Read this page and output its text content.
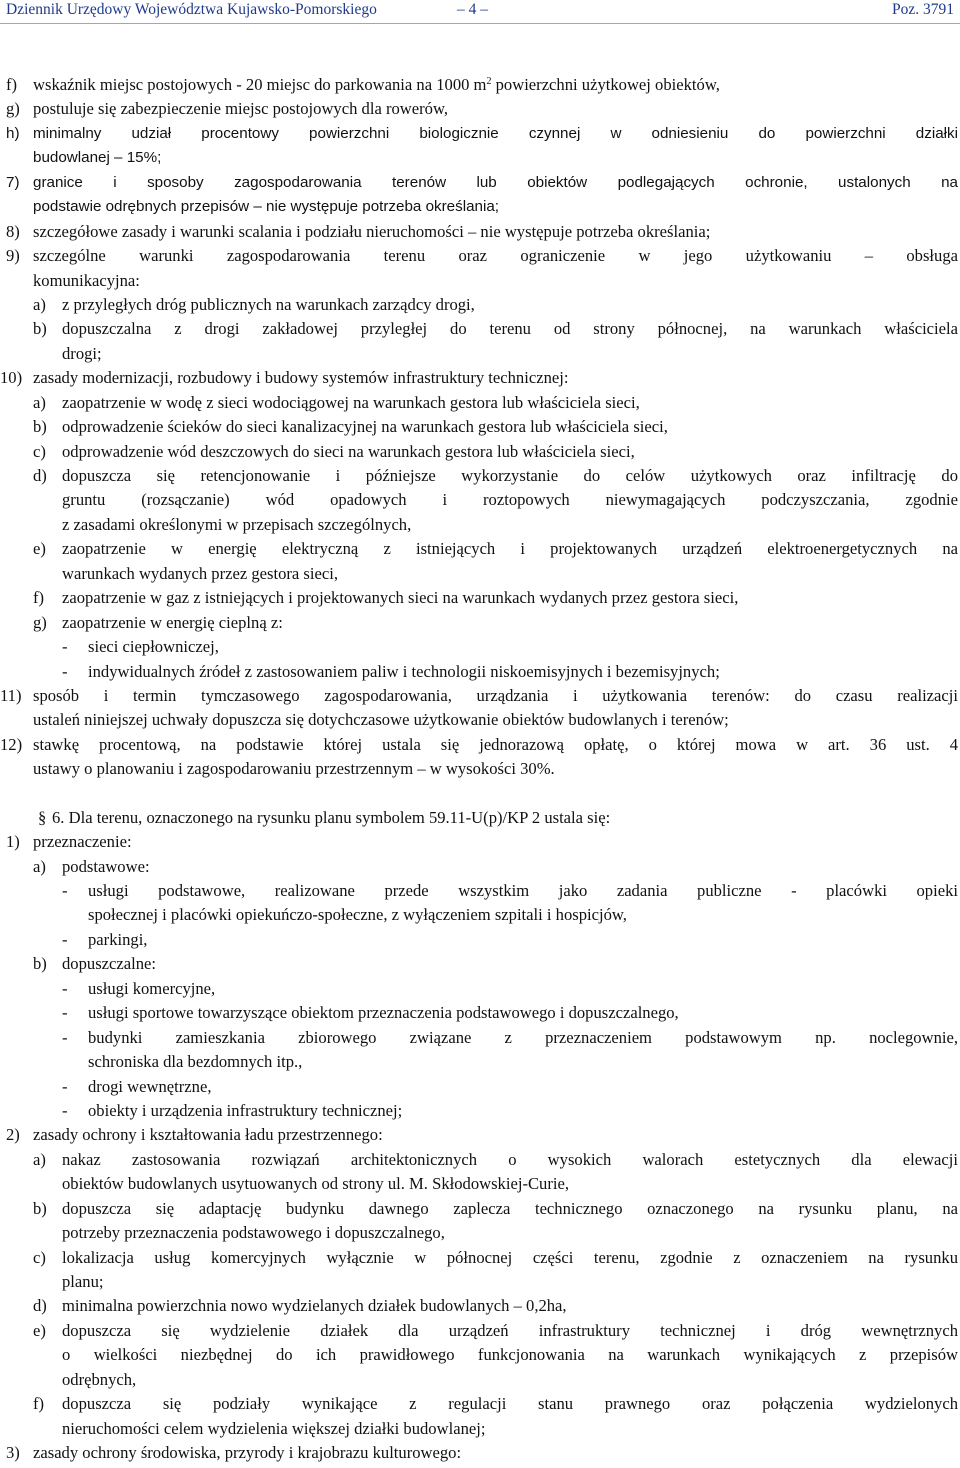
Dziennik Urzędowy Województwa Kujawsko-Pomorskiego	– 4 –	Poz. 3791
f) wskaźnik miejsc postojowych - 20 miejsc do parkowania na 1000 $m^2$ powierzchni użytkowej obiektów,
g) postuluje się zabezpieczenie miejsc postojowych dla rowerów,
h) minimalny udział procentowy powierzchni biologicznie czynnej w odniesieniu do powierzchni działki
budowlanej – 15%;
7) granice i sposoby zagospodarowania terenów lub obiektów podlegających ochronie, ustalonych na
podstawie odrębnych przepisów – nie występuje potrzeba określania;
8) szczegółowe zasady i warunki scalania i podziału nieruchomości – nie występuje potrzeba określania;
9) szczególne warunki zagospodarowania terenu oraz ograniczenie w jego użytkowaniu – obsługa
komunikacyjna:
a) z przyległych dróg publicznych na warunkach zarządcy drogi,
b) dopuszczalna z drogi zakładowej przyległej do terenu od strony północnej, na warunkach właściciela
drogi;
10) zasady modernizacji, rozbudowy i budowy systemów infrastruktury technicznej:
a) zaopatrzenie w wodę z sieci wodociągowej na warunkach gestora lub właściciela sieci,
b) odprowadzenie ścieków do sieci kanalizacyjnej na warunkach gestora lub właściciela sieci,
c) odprowadzenie wód deszczowych do sieci na warunkach gestora lub właściciela sieci,
d) dopuszcza się retencjonowanie i późniejsze wykorzystanie do celów użytkowych oraz infiltrację do
gruntu (rozsączanie) wód opadowych i roztopowych niewymagających podczyszczania, zgodnie
z zasadami określonymi w przepisach szczególnych,
e) zaopatrzenie w energię elektryczną z istniejących i projektowanych urządzeń elektroenergetycznych na
warunkach wydanych przez gestora sieci,
f) zaopatrzenie w gaz z istniejących i projektowanych sieci na warunkach wydanych przez gestora sieci,
g) zaopatrzenie w energię cieplną z:
- sieci ciepłowniczej,
- indywidualnych źródeł z zastosowaniem paliw i technologii niskoemisyjnych i bezemisyjnych;
11) sposób i termin tymczasowego zagospodarowania, urządzania i użytkowania terenów: do czasu realizacji
ustaleń niniejszej uchwały dopuszcza się dotychczasowe użytkowanie obiektów budowlanych i terenów;
12) stawkę procentową, na podstawie której ustala się jednorazową opłatę, o której mowa w art. 36 ust. 4
ustawy o planowaniu i zagospodarowaniu przestrzennym – w wysokości 30%.
§ 6. Dla terenu, oznaczonego na rysunku planu symbolem 59.11-U(p)/KP 2 ustala się:
1) przeznaczenie:
a) podstawowe:
- usługi podstawowe, realizowane przede wszystkim jako zadania publiczne - placówki opieki
społecznej i placówki opiekuńczo-społeczne, z wyłączeniem szpitali i hospicjów,
- parkingi,
b) dopuszczalne:
- usługi komercyjne,
- usługi sportowe towarzyszące obiektom przeznaczenia podstawowego i dopuszczalnego,
- budynki zamieszkania zbiorowego związane z przeznaczeniem podstawowym np. noclegownie,
schroniska dla bezdomnych itp.,
- drogi wewnętrzne,
- obiekty i urządzenia infrastruktury technicznej;
2) zasady ochrony i kształtowania ładu przestrzennego:
a) nakaz zastosowania rozwiązań architektonicznych o wysokich walorach estetycznych dla elewacji
obiektów budowlanych usytuowanych od strony ul. M. Skłodowskiej-Curie,
b) dopuszcza się adaptację budynku dawnego zaplecza technicznego oznaczonego na rysunku planu, na
potrzeby przeznaczenia podstawowego i dopuszczalnego,
c) lokalizacja usług komercyjnych wyłącznie w północnej części terenu, zgodnie z oznaczeniem na rysunku
planu;
d) minimalna powierzchnia nowo wydzielanych działek budowlanych – 0,2ha,
e) dopuszcza się wydzielenie działek dla urządzeń infrastruktury technicznej i dróg wewnętrznych
o wielkości niezbędnej do ich prawidłowego funkcjonowania na warunkach wynikających z przepisów
odrębnych,
f) dopuszcza się podziały wynikające z regulacji stanu prawnego oraz połączenia wydzielonych
nieruchomości celem wydzielenia większej działki budowlanej;
3) zasady ochrony środowiska, przyrody i krajobrazu kulturowego:
